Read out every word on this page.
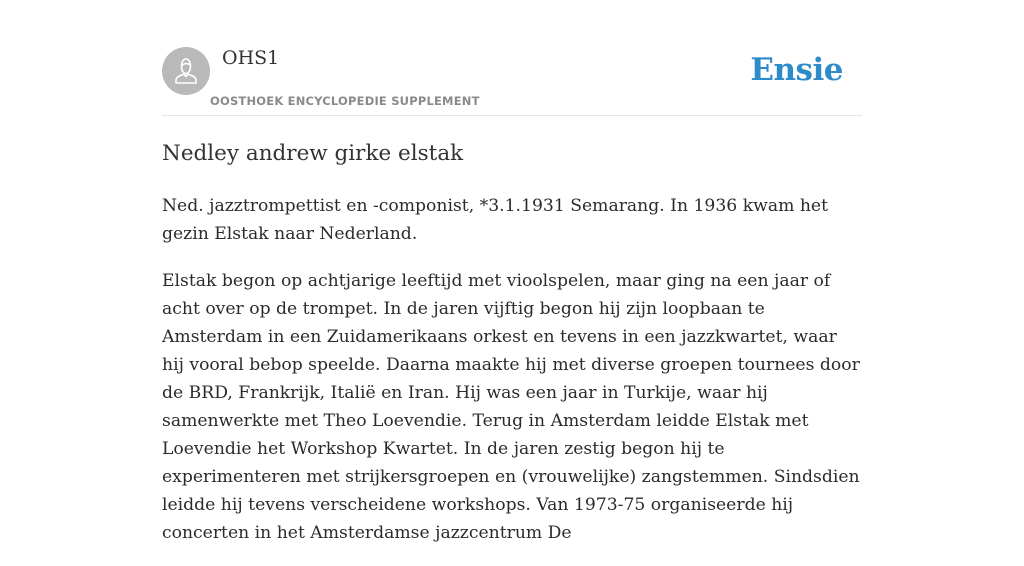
OHS1
OOSTHOEK ENCYCLOPEDIE SUPPLEMENT
Ensie
Nedley andrew girke elstak

Ned. jazztrompettist en -componist, *3.1.1931 Semarang. In 1936 kwam het gezin Elstak naar Nederland.

Elstak begon op achtjarige leeftijd met vioolspelen, maar ging na een jaar of acht over op de trompet. In de jaren vijftig begon hij zijn loopbaan te Amsterdam in een Zuidamerikaans orkest en tevens in een jazzkwartet, waar hij vooral bebop speelde. Daarna maakte hij met diverse groepen tournees door de BRD, Frankrijk, Italië en Iran. Hij was een jaar in Turkije, waar hij samenwerkte met Theo Loevendie. Terug in Amsterdam leidde Elstak met Loevendie het Workshop Kwartet. In de jaren zestig begon hij te experimenteren met strijkersgroepen en (vrouwelijke) zangstemmen. Sindsdien leidde hij tevens verscheidene workshops. Van 1973-75 organiseerde hij concerten in het Amsterdamse jazzcentrum De
